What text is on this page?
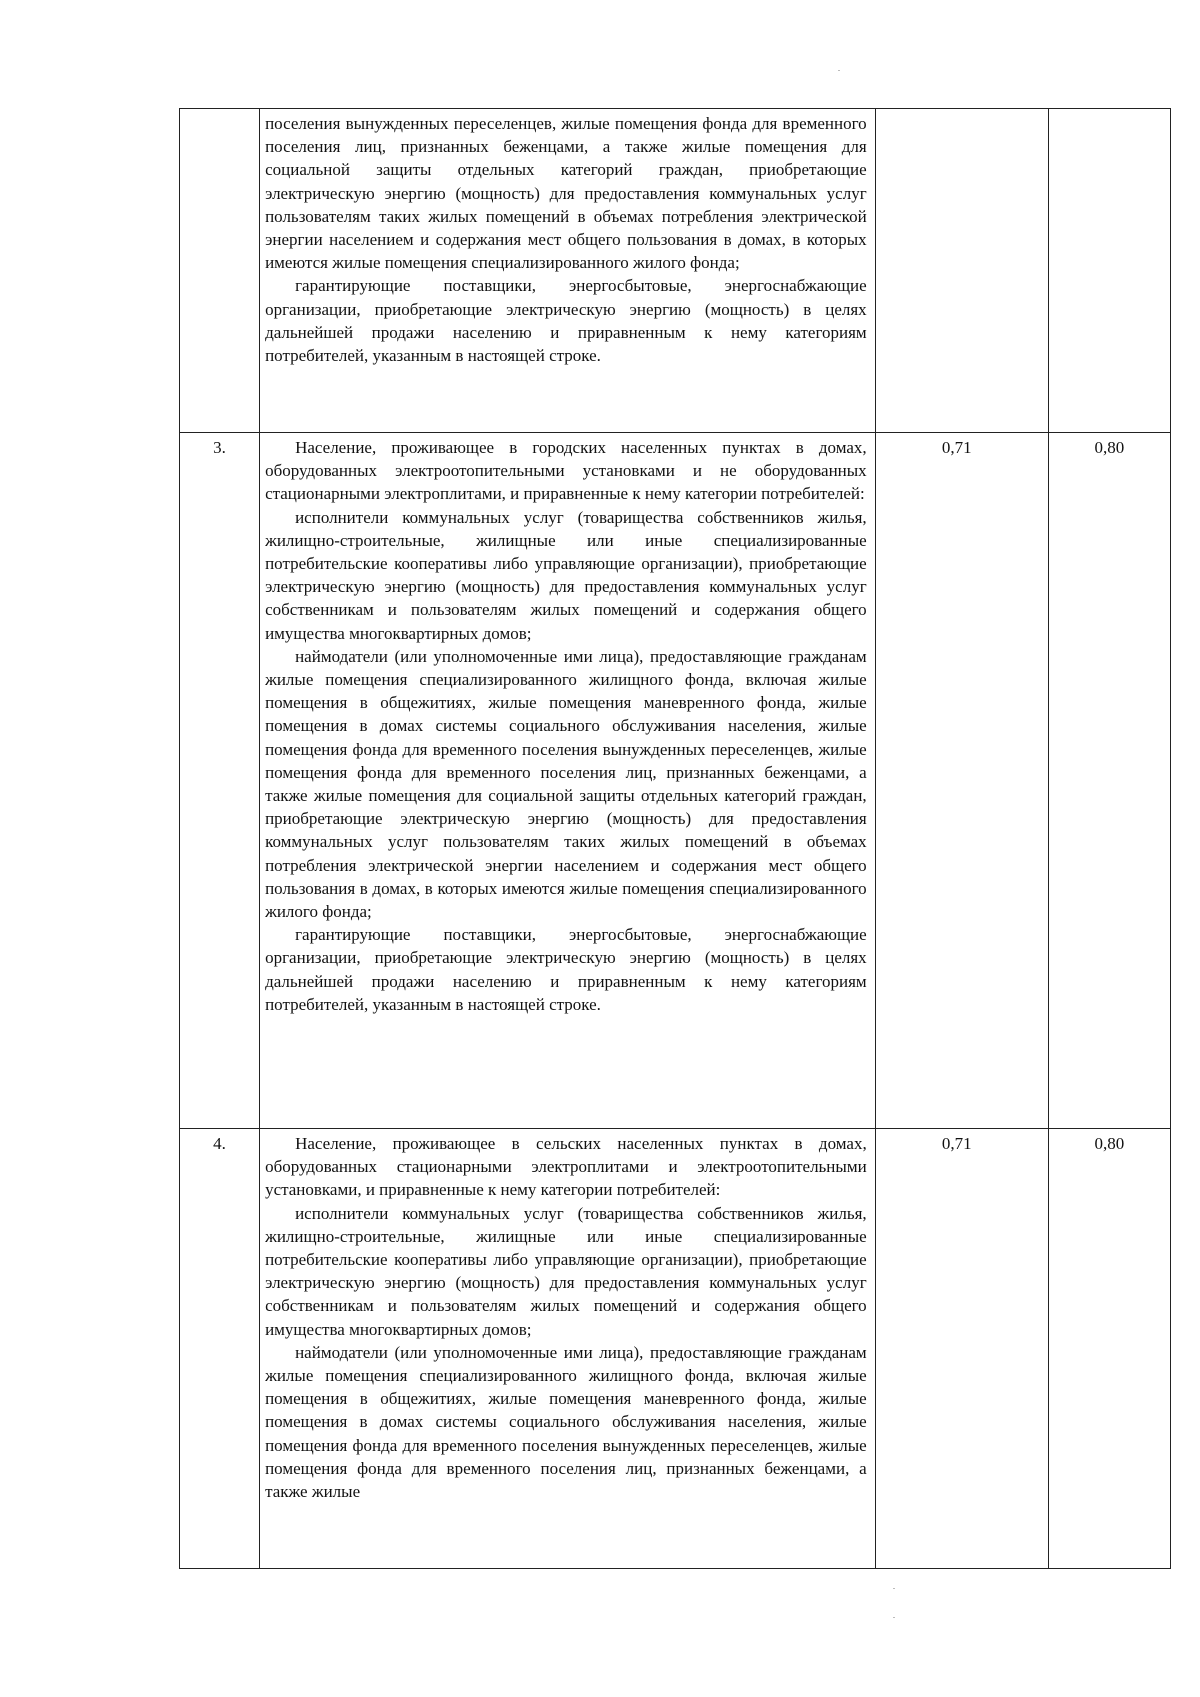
	поселения вынужденных переселенцев, жилые помещения фонда для временного поселения лиц, признанных беженцами, а также жилые помещения для социальной защиты отдельных категорий граждан, приобретающие электрическую энергию (мощность) для предоставления коммунальных услуг пользователям таких жилых помещений в объемах потребления электрической энергии населением и содержания мест общего пользования в домах, в которых имеются жилые помещения специализированного жилого фонда;

гарантирующие поставщики, энергосбытовые, энергоснабжающие организации, приобретающие электрическую энергию (мощность) в целях дальнейшей продажи населению и приравненным к нему категориям потребителей, указанным в настоящей строке.		

3.	Население, проживающее в городских населенных пунктах в домах, оборудованных электроотопительными установками и не оборудованных стационарными электроплитами, и приравненные к нему категории потребителей:

исполнители коммунальных услуг (товарищества собственников жилья, жилищно-строительные, жилищные или иные специализированные потребительские кооперативы либо управляющие организации), приобретающие электрическую энергию (мощность) для предоставления коммунальных услуг собственникам и пользователям жилых помещений и содержания общего имущества многоквартирных домов;

наймодатели (или уполномоченные ими лица), предоставляющие гражданам жилые помещения специализированного жилищного фонда, включая жилые помещения в общежитиях, жилые помещения маневренного фонда, жилые помещения в домах системы социального обслуживания населения, жилые помещения фонда для временного поселения вынужденных переселенцев, жилые помещения фонда для временного поселения лиц, признанных беженцами, а также жилые помещения для социальной защиты отдельных категорий граждан, приобретающие электрическую энергию (мощность) для предоставления коммунальных услуг пользователям таких жилых помещений в объемах потребления электрической энергии населением и содержания мест общего пользования в домах, в которых имеются жилые помещения специализированного жилого фонда;

гарантирующие поставщики, энергосбытовые, энергоснабжающие организации, приобретающие электрическую энергию (мощность) в целях дальнейшей продажи населению и приравненным к нему категориям потребителей, указанным в настоящей строке.	0,71	0,80

4.	Население, проживающее в сельских населенных пунктах в домах, оборудованных стационарными электроплитами и электроотопительными установками, и приравненные к нему категории потребителей:

исполнители коммунальных услуг (товарищества собственников жилья, жилищно-строительные, жилищные или иные специализированные потребительские кооперативы либо управляющие организации), приобретающие электрическую энергию (мощность) для предоставления коммунальных услуг собственникам и пользователям жилых помещений и содержания общего имущества многоквартирных домов;

наймодатели (или уполномоченные ими лица), предоставляющие гражданам жилые помещения специализированного жилищного фонда, включая жилые помещения в общежитиях, жилые помещения маневренного фонда, жилые помещения в домах системы социального обслуживания населения, жилые помещения фонда для временного поселения вынужденных переселенцев, жилые помещения фонда для временного поселения лиц, признанных беженцами, а также жилые	0,71	0,80
